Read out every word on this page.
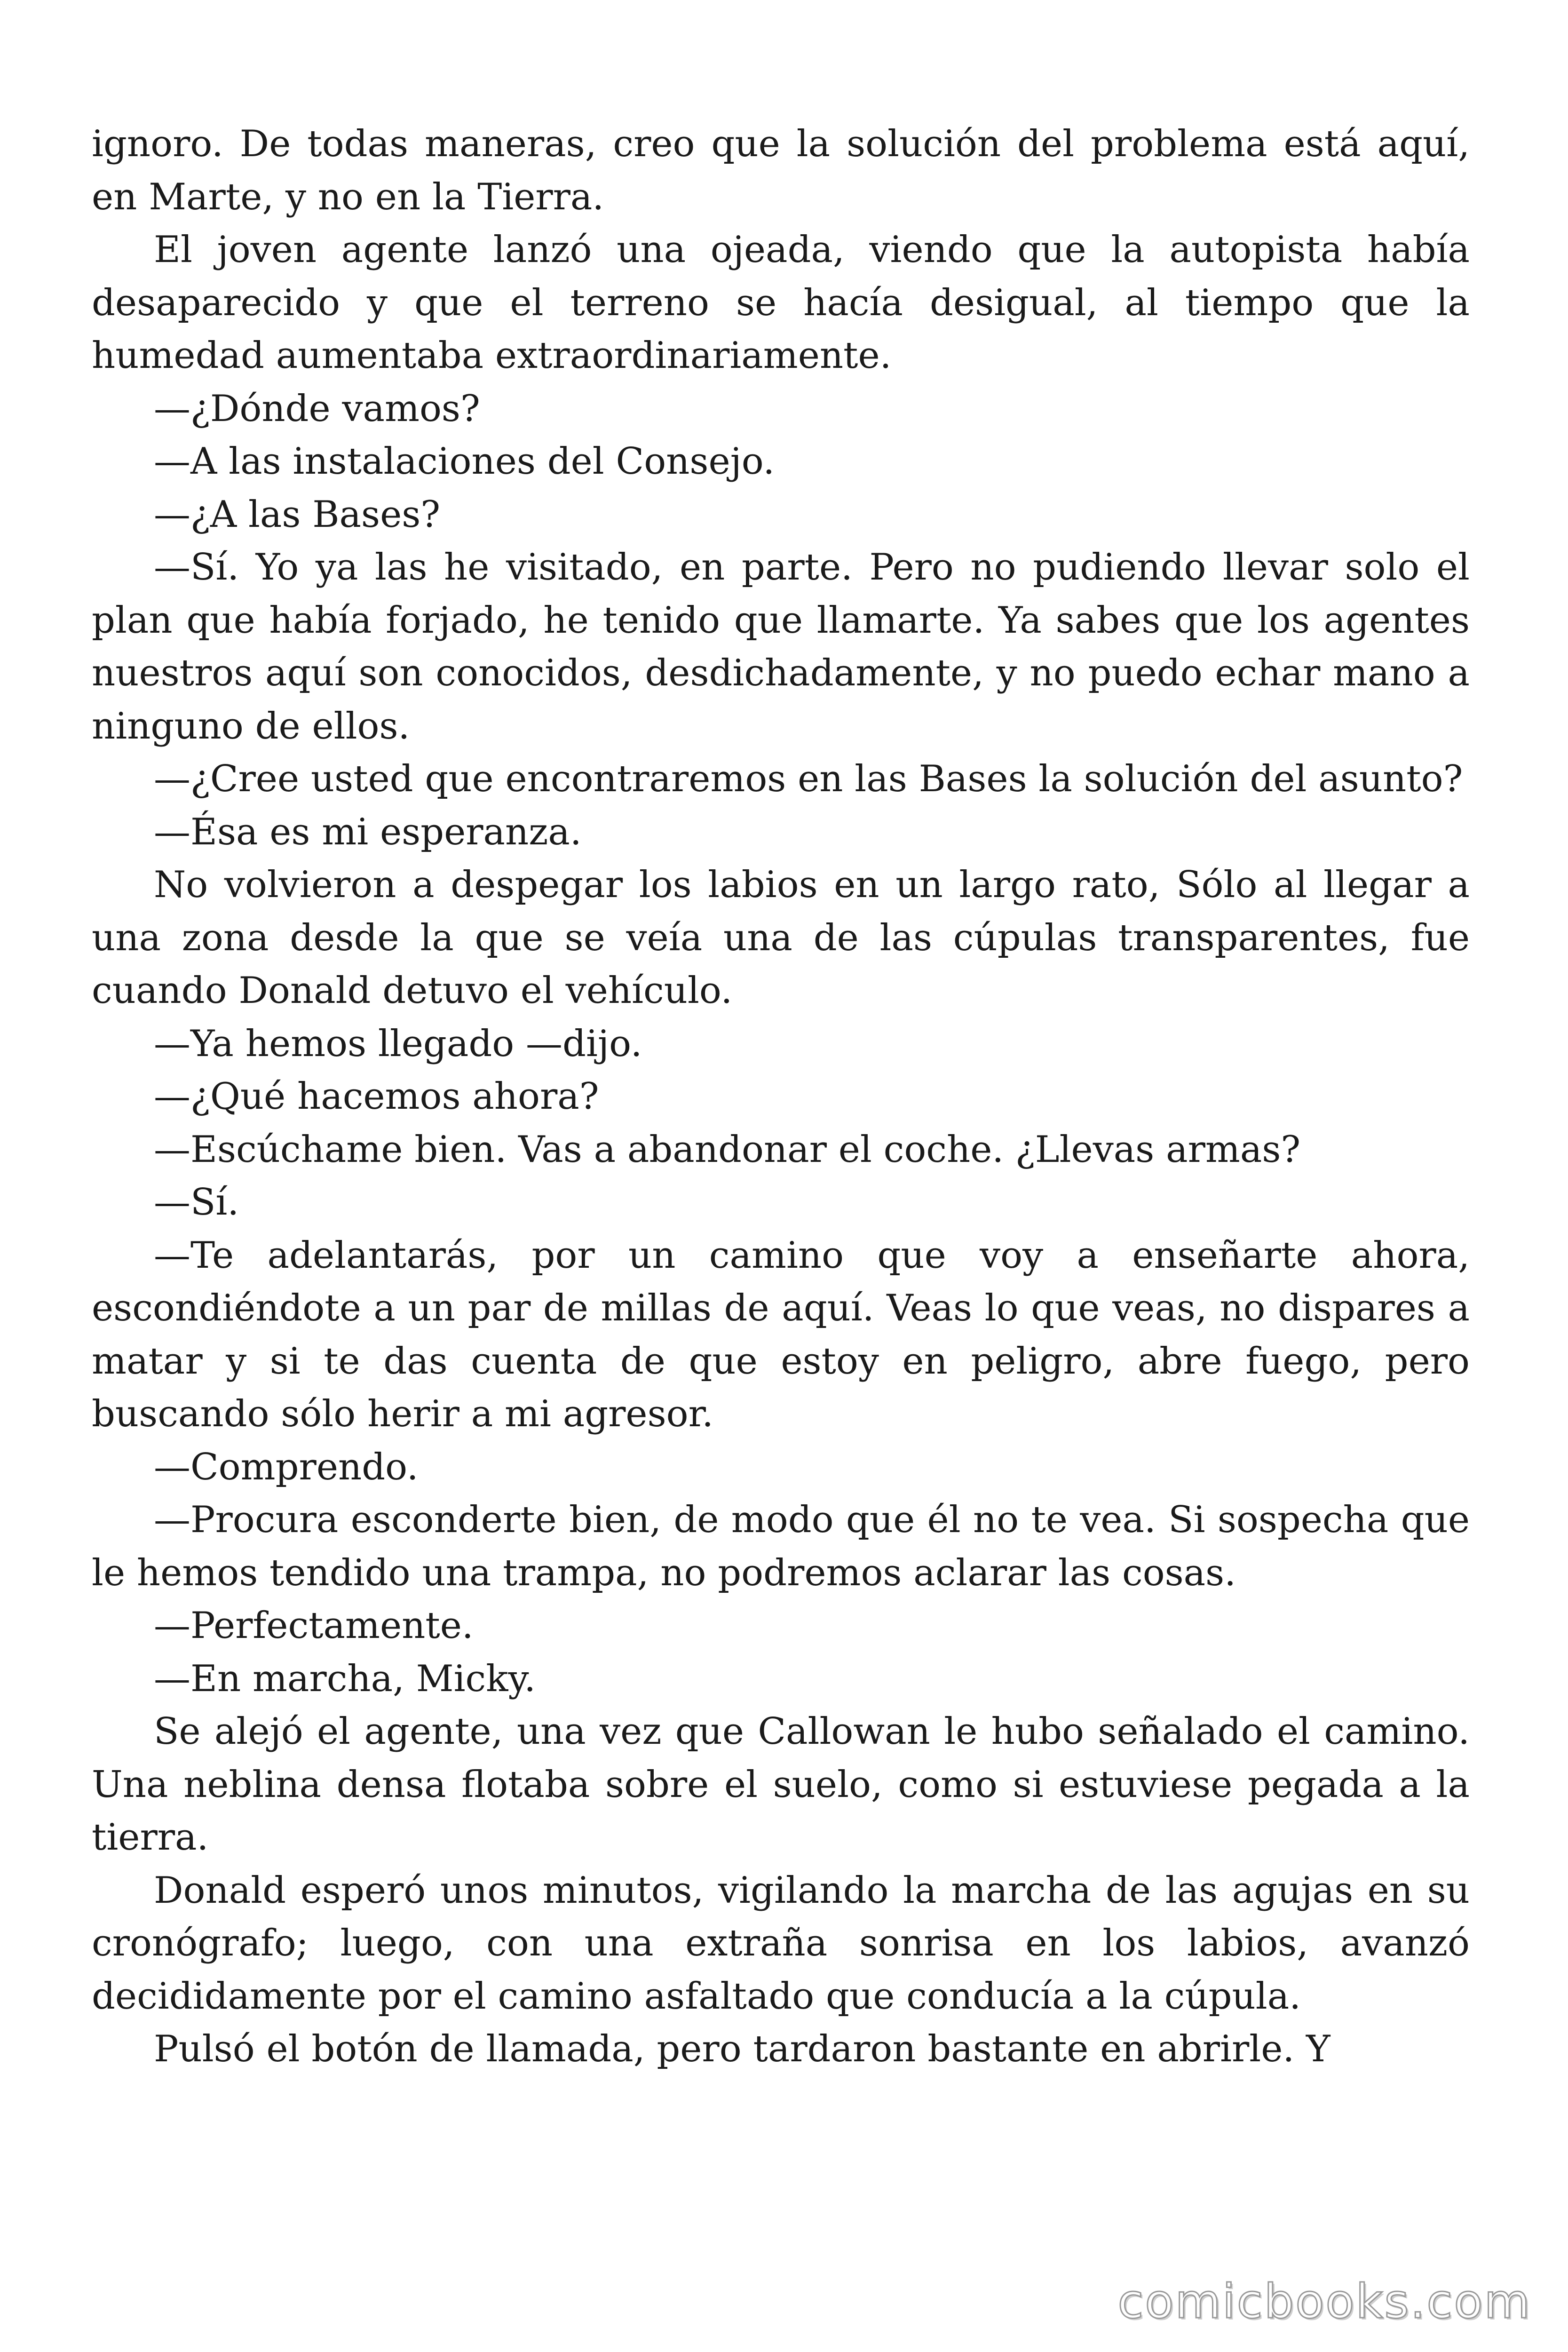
ignoro. De todas maneras, creo que la solución del problema está aquí, en Marte, y no en la Tierra.

El joven agente lanzó una ojeada, viendo que la autopista había desaparecido y que el terreno se hacía desigual, al tiempo que la humedad aumentaba extraordinariamente.

—¿Dónde vamos?

—A las instalaciones del Consejo.

—¿A las Bases?

—Sí. Yo ya las he visitado, en parte. Pero no pudiendo llevar solo el plan que había forjado, he tenido que llamarte. Ya sabes que los agentes nuestros aquí son conocidos, desdichadamente, y no puedo echar mano a ninguno de ellos.

—¿Cree usted que encontraremos en las Bases la solución del asunto?

—Ésa es mi esperanza.

No volvieron a despegar los labios en un largo rato, Sólo al llegar a una zona desde la que se veía una de las cúpulas transparentes, fue cuando Donald detuvo el vehículo.

—Ya hemos llegado —dijo.

—¿Qué hacemos ahora?

—Escúchame bien. Vas a abandonar el coche. ¿Llevas armas?

—Sí.

—Te adelantarás, por un camino que voy a enseñarte ahora, escondiéndote a un par de millas de aquí. Veas lo que veas, no dispares a matar y si te das cuenta de que estoy en peligro, abre fuego, pero buscando sólo herir a mi agresor.

—Comprendo.

—Procura esconderte bien, de modo que él no te vea. Si sospecha que le hemos tendido una trampa, no podremos aclarar las cosas.

—Perfectamente.

—En marcha, Micky.

Se alejó el agente, una vez que Callowan le hubo señalado el camino. Una neblina densa flotaba sobre el suelo, como si estuviese pegada a la tierra.

Donald esperó unos minutos, vigilando la marcha de las agujas en su cronógrafo; luego, con una extraña sonrisa en los labios, avanzó decididamente por el camino asfaltado que conducía a la cúpula.

Pulsó el botón de llamada, pero tardaron bastante en abrirle. Y

comicbooks.com
